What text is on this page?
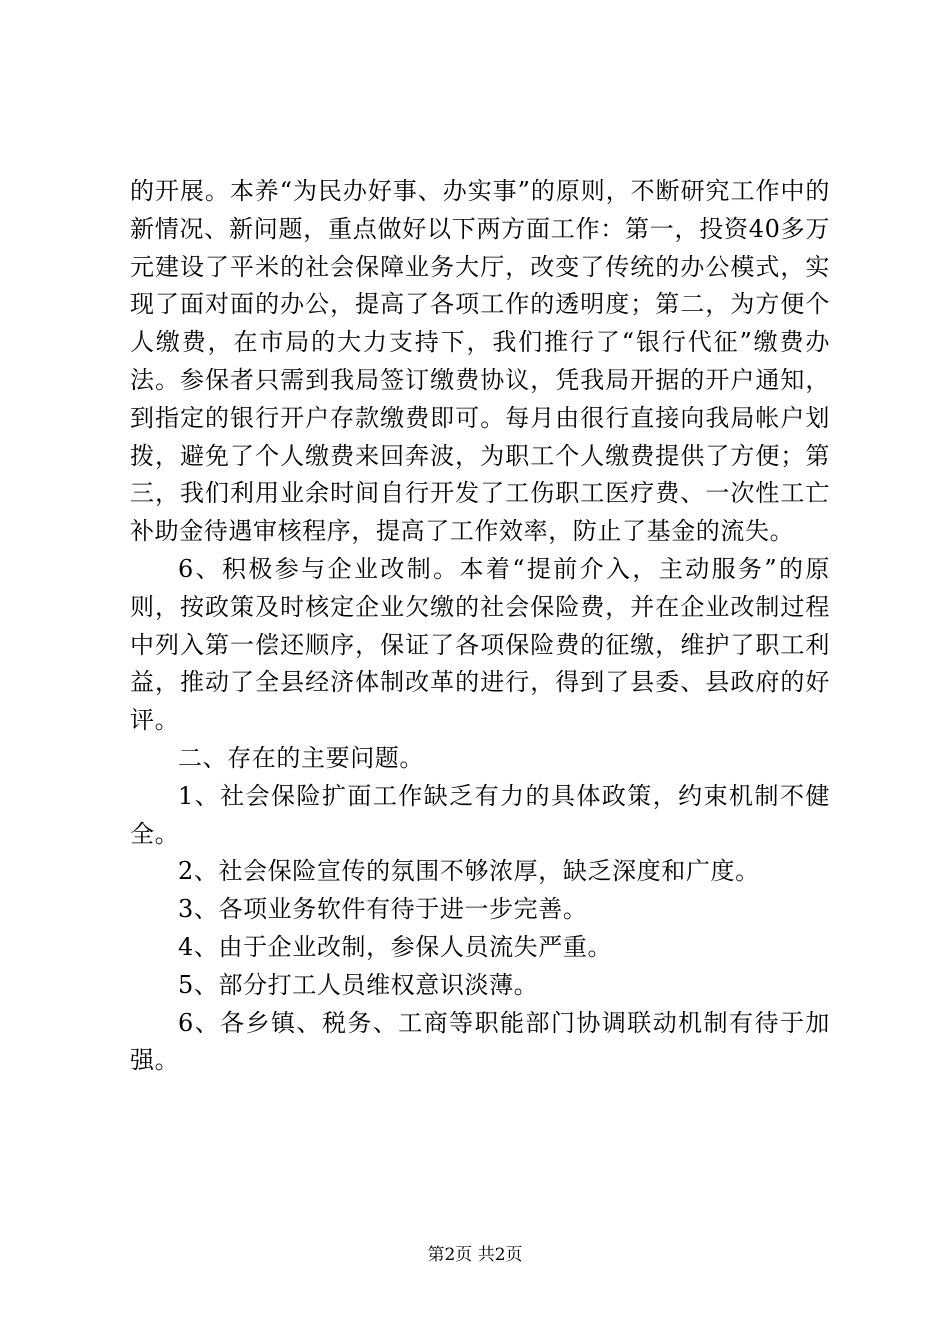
的开展。本养“为民办好事、办实事”的原则，不断研究工作中的新情况、新问题，重点做好以下两方面工作：第一，投资40多万元建设了平米的社会保障业务大厅，改变了传统的办公模式，实现了面对面的办公，提高了各项工作的透明度；第二，为方便个人缴费，在市局的大力支持下，我们推行了“银行代征”缴费办法。参保者只需到我局签订缴费协议，凭我局开据的开户通知，到指定的银行开户存款缴费即可。每月由很行直接向我局帐户划拨，避免了个人缴费来回奔波，为职工个人缴费提供了方便；第三，我们利用业余时间自行开发了工伤职工医疗费、一次性工亡补助金待遇审核程序，提高了工作效率，防止了基金的流失。

6、积极参与企业改制。本着“提前介入，主动服务”的原则，按政策及时核定企业欠缴的社会保险费，并在企业改制过程中列入第一偿还顺序，保证了各项保险费的征缴，维护了职工利益，推动了全县经济体制改革的进行，得到了县委、县政府的好评。

二、存在的主要问题。

1、社会保险扩面工作缺乏有力的具体政策，约束机制不健全。

2、社会保险宣传的氛围不够浓厚，缺乏深度和广度。

3、各项业务软件有待于进一步完善。

4、由于企业改制，参保人员流失严重。

5、部分打工人员维权意识淡薄。

6、各乡镇、税务、工商等职能部门协调联动机制有待于加强。

第2页 共2页
